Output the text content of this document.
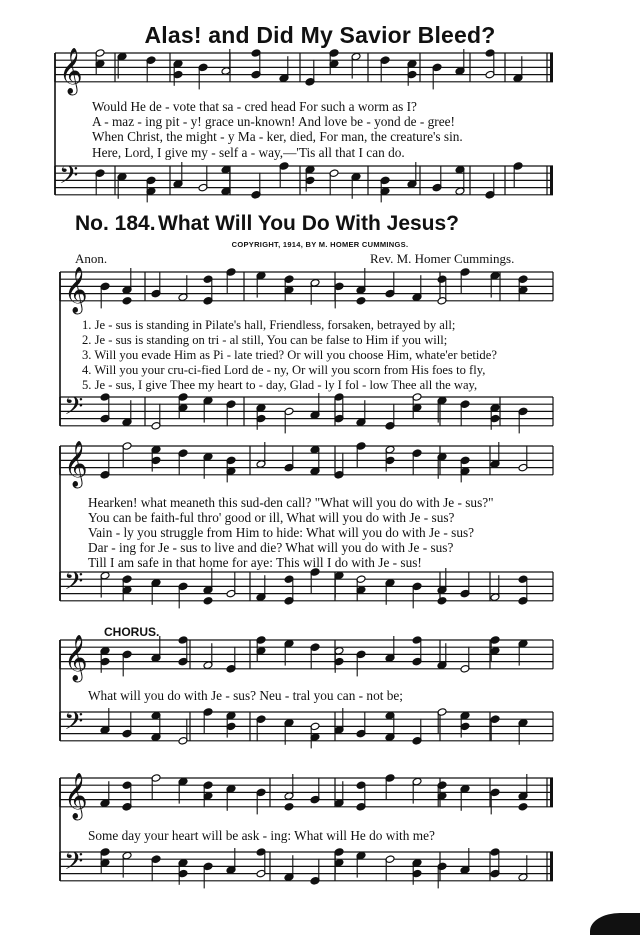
𝄞
𝄢
𝄞
𝄢
𝄞
𝄢
𝄞
𝄢
𝄞
𝄢
Alas! and Did My Savior Bleed?
Would He de - vote that sa - cred head For such a worm as I?
A - maz - ing pit - y! grace un-known! And love be - yond de - gree!
When Christ, the might - y Ma - ker, died, For man, the creature's sin.
Here, Lord, I give my - self a - way,—'Tis all that I can do.
No. 184. What Will You Do With Jesus?
COPYRIGHT, 1914, BY M. HOMER CUMMINGS.
Anon.	Rev. M. Homer Cummings.
1. Je - sus is standing in Pilate's hall, Friendless, forsaken, betrayed by all;
2. Je - sus is standing on tri - al still, You can be false to Him if you will;
3. Will you evade Him as Pi - late tried? Or will you choose Him, whate'er betide?
4. Will you your cru-ci-fied Lord de - ny, Or will you scorn from His foes to fly,
5. Je - sus, I give Thee my heart to - day, Glad - ly I fol - low Thee all the way,
Hearken! what meaneth this sud-den call? "What will you do with Je - sus?"
You can be faith-ful thro' good or ill, What will you do with Je - sus?
Vain - ly you struggle from Him to hide: What will you do with Je - sus?
Dar - ing for Je - sus to live and die? What will you do with Je - sus?
Till I am safe in that home for aye: This will I do with Je - sus!
CHORUS.
What will you do with Je - sus? Neu - tral you can - not be;
Some day your heart will be ask - ing: What will He do with me?
